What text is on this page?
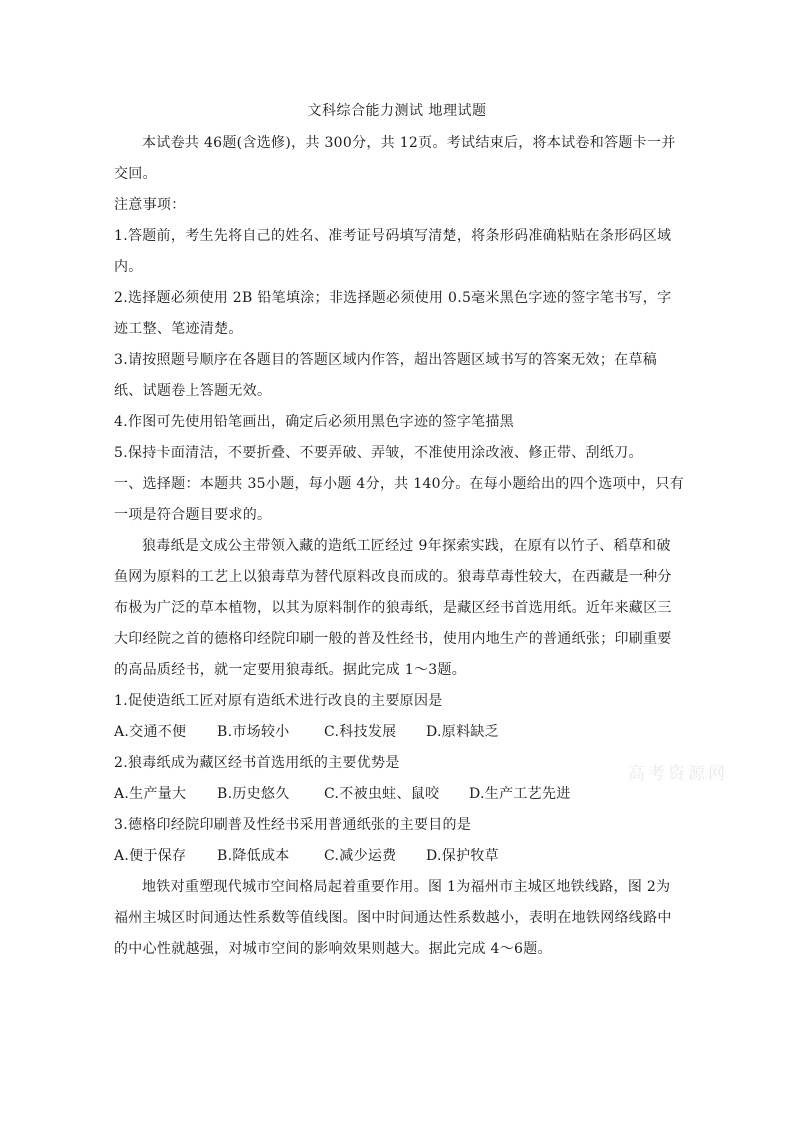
文科综合能力测试 地理试题

本试卷共 46题(含选修)，共 300分，共 12页。考试结束后，将本试卷和答题卡一并交回。

注意事项：

1.答题前，考生先将自己的姓名、准考证号码填写清楚，将条形码准确粘贴在条形码区域内。

2.选择题必须使用 2B 铅笔填涂；非选择题必须使用 0.5毫米黑色字迹的签字笔书写，字迹工整、笔迹清楚。

3.请按照题号顺序在各题目的答题区域内作答，超出答题区域书写的答案无效；在草稿纸、试题卷上答题无效。

4.作图可先使用铅笔画出，确定后必须用黑色字迹的签字笔描黑

5.保持卡面清洁，不要折叠、不要弄破、弄皱，不准使用涂改液、修正带、刮纸刀。

一、选择题：本题共 35小题，每小题 4分，共 140分。在每小题给出的四个选项中，只有一项是符合题目要求的。

狼毒纸是文成公主带领入藏的造纸工匠经过 9年探索实践，在原有以竹子、稻草和破鱼网为原料的工艺上以狼毒草为替代原料改良而成的。狼毒草毒性较大，在西藏是一种分布极为广泛的草本植物，以其为原料制作的狼毒纸，是藏区经书首选用纸。近年来藏区三大印经院之首的德格印经院印刷一般的普及性经书，使用内地生产的普通纸张；印刷重要的高品质经书，就一定要用狼毒纸。据此完成 1～3题。

1.促使造纸工匠对原有造纸术进行改良的主要原因是

A.交通不便	B.市场较小	C.科技发展	D.原料缺乏

2.狼毒纸成为藏区经书首选用纸的主要优势是

A.生产量大	B.历史悠久	C.不被虫蛀、鼠咬	D.生产工艺先进

3.德格印经院印刷普及性经书采用普通纸张的主要目的是

A.便于保存	B.降低成本	C.减少运费	D.保护牧草

地铁对重塑现代城市空间格局起着重要作用。图 1为福州市主城区地铁线路，图 2为福州主城区时间通达性系数等值线图。图中时间通达性系数越小，表明在地铁网络线路中的中心性就越强，对城市空间的影响效果则越大。据此完成 4～6题。

高考资源网
